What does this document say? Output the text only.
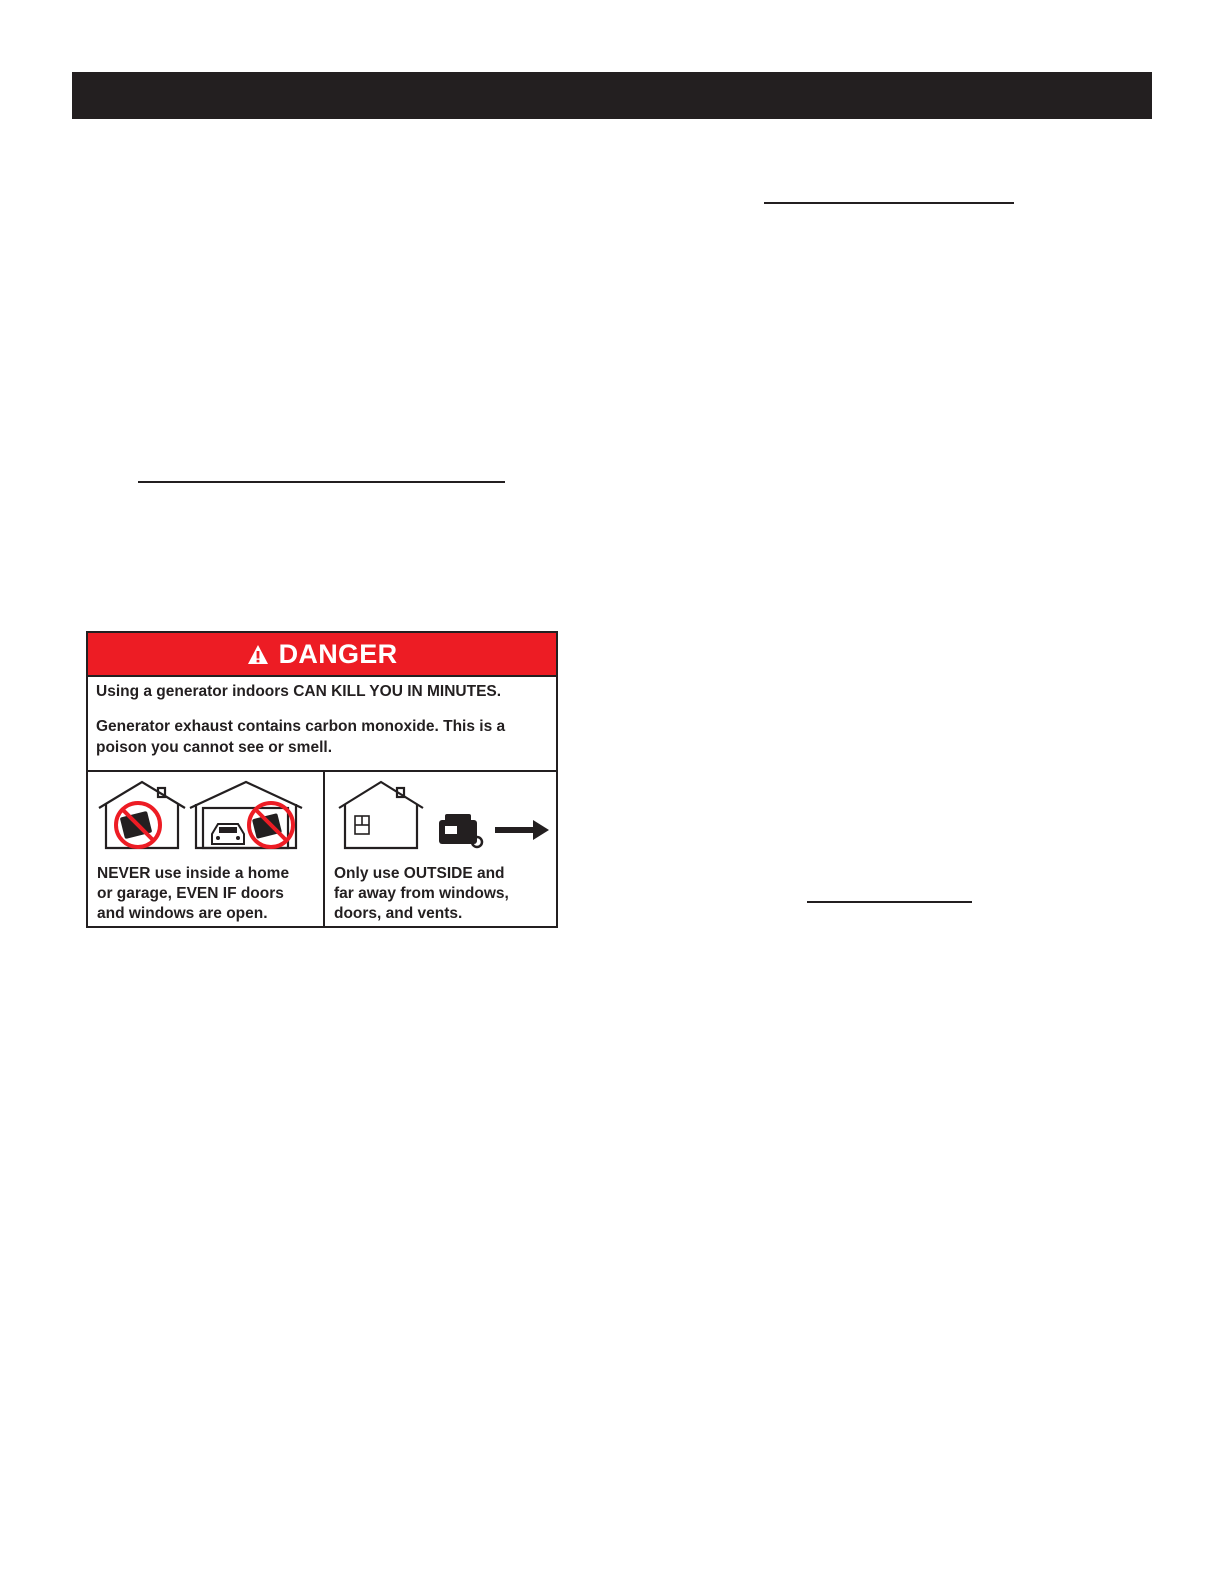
DANGER

Using a generator indoors CAN KILL YOU IN MINUTES.

Generator exhaust contains carbon monoxide. This is a poison you cannot see or smell.

NEVER use inside a home
or garage, EVEN IF doors
and windows are open.
Only use OUTSIDE and
far away from windows,
doors, and vents.
